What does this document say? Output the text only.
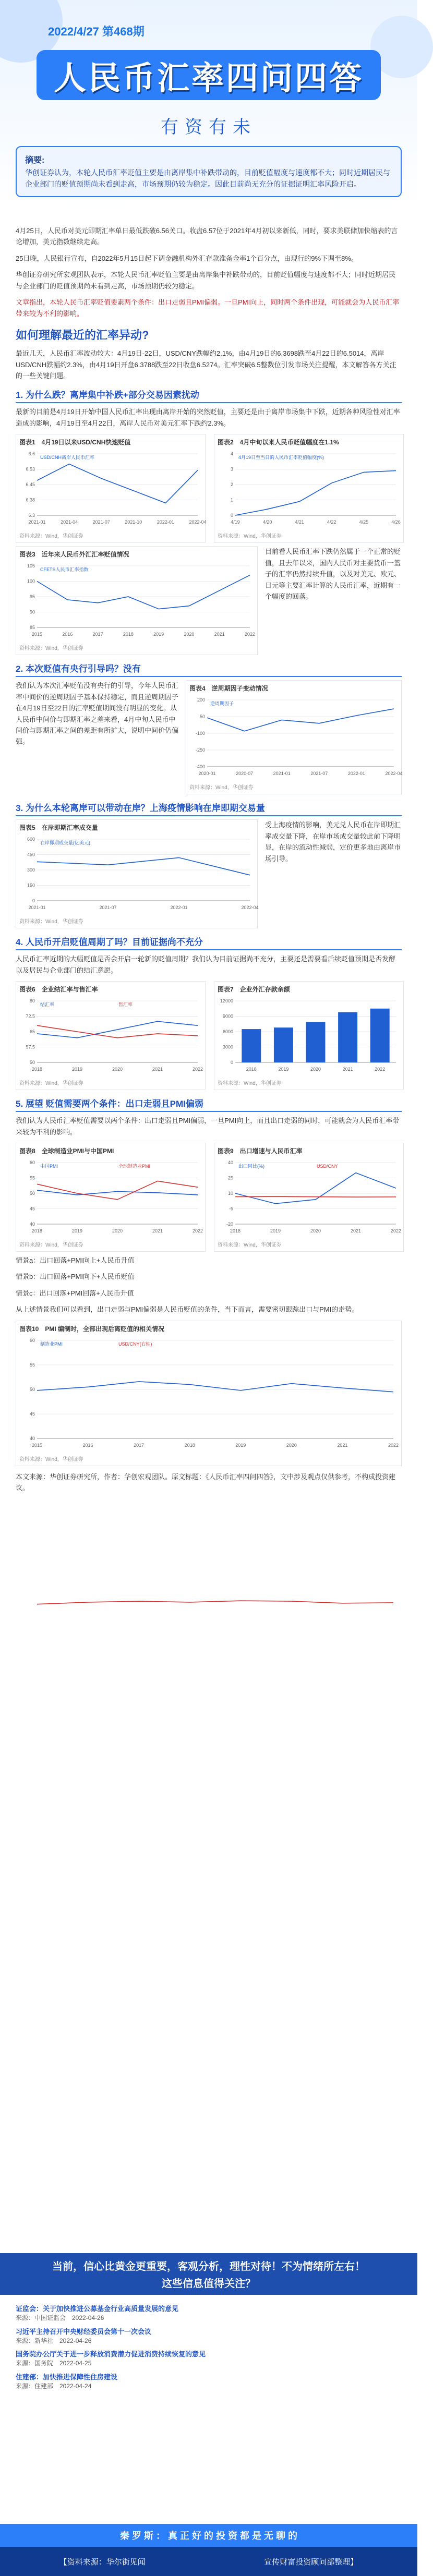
2022/4/27 第468期
人民币汇率四问四答
有资有未
摘要:
华创证券认为，本轮人民币汇率贬值主要是由离岸集中补跌带动的，目前贬值幅度与速度都不大；同时近期居民与企业部门的贬值预期尚未看到走高，市场预期仍较为稳定。因此目前尚无充分的证据证明汇率风险开启。

4月25日，人民币对美元即期汇率单日最低跌破6.56关口。收盘6.57位于2021年4月初以来新低，同时，要求美联储加快缩表的言论增加，美元指数继续走高。

25日晚，人民银行宣布，自2022年5月15日起下调金融机构外汇存款准备金率1个百分点，由现行的9%下调至8%。

华创证券研究所宏观团队表示，本轮人民币汇率贬值主要是由离岸集中补跌带动的，目前贬值幅度与速度都不大；同时近期居民与企业部门的贬值预期尚未看到走高，市场预期仍较为稳定。

文章指出，本轮人民币汇率贬值要素两个条件：出口走弱且PMI偏弱。一旦PMI向上，同时两个条件出现，可能就会为人民币汇率带来较为不利的影响。

如何理解最近的汇率异动?

最近几天，人民币汇率波动较大：4月19日-22日，USD/CNY跌幅约2.1%，由4月19日的6.3698跌至4月22日的6.5014，离岸USD/CNH跌幅约2.3%，由4月19日开盘6.3788跌至22日收盘6.5274。汇率突破6.5整数位引发市场关注提醒，本文解答各方关注的一些关键问题。

1. 为什么跌？离岸集中补跌+部分交易因素扰动

最新的目前是4月19日开始中国人民币汇率出现由离岸开始的突然贬值，主要还是由于离岸市场集中下跌，近期各种风险性对汇率造成的影响，4月19日至4月22日，离岸人民币对美元汇率下跌约2.3%。

图表1　4月19日以来USD/CNH快速贬值
6.3
6.38
6.45
6.53
6.6
USD/CNH离岸人民币汇率
2021-01	2021-04	2021-07	2021-10	2022-01	2022-04
资料来源：Wind，华创证券
图表2　4月中旬以来人民币贬值幅度在1.1%
0
1
2
3
4
4月19日至当日的人民币汇率贬值幅度(%)
4/19	4/20	4/21	4/22	4/25	4/26
资料来源：Wind，华创证券
图表3　近年来人民币外汇汇率贬值情况
85
90
95
100
105
CFETS人民币汇率指数
2015	2016	2017	2018	2019	2020	2021	2022
资料来源：Wind，华创证券
目前看人民币汇率下跌仍然属于一个正常的贬值，且去年以来，国内人民币对主要货币一篮子的汇率仍然持续升值，以及对美元、欧元、日元等主要汇率计算的人民币汇率，近期有一个幅度的回落。
2. 本次贬值有央行引导吗？没有
我们认为本次汇率贬值没有央行的引导，今年人民币汇率中间价的逆周期因子基本保持稳定，而且逆周期因子在4月19日至22日的汇率贬值期间没有明显的变化。从人民币中间价与即期汇率之差来看，4月中旬人民币中间价与即期汇率之间的差距有所扩大，说明中间价仍偏强。
图表4　逆周期因子变动情况
-400
-250
-100
50
200
逆周期因子
2020-01	2020-07	2021-01	2021-07	2022-01	2022-04
资料来源：Wind，华创证券
3. 为什么本轮离岸可以带动在岸？上海疫情影响在岸即期交易量
图表5　在岸即期汇率成交量
0
150
300
450
600
在岸即期成交量(亿美元)
2021-01	2021-07	2022-01	2022-04
资料来源：Wind，华创证券
受上海疫情的影响，美元兑人民币在岸即期汇率成交量下降，在岸市场成交量较此前下降明显，在岸的流动性减弱，定价更多地由离岸市场引导。
4. 人民币开启贬值周期了吗？目前证据尚不充分

人民币汇率近期的大幅贬值是否会开启一轮新的贬值周期？我们认为目前证据尚不充分，主要还是需要看后续贬值预期是否发酵以及居民与企业部门的结汇意愿。

图表6　企业结汇率与售汇率
50
57.5
65
72.5
80
结汇率	售汇率
2018	2019	2020	2021	2022
资料来源：Wind，华创证券
图表7　企业外汇存款余额
0
3000
6000
9000
12000
2018	2019	2020	2021	2022
资料来源：Wind，华创证券
5. 展望 贬值需要两个条件：出口走弱且PMI偏弱

我们认为人民币汇率贬值需要以两个条件：出口走弱且PMI偏弱，一旦PMI向上，而且出口走弱的同时，可能就会为人民币汇率带来较为不利的影响。

图表8　全球制造业PMI与中国PMI
40
45
50
55
60
中国PMI	全球制造业PMI
2018	2019	2020	2021	2022
资料来源：Wind，华创证券
图表9　出口增速与人民币汇率
-20
-5
10
25
40
出口同比(%)	USD/CNY
2018	2019	2020	2021	2022
资料来源：Wind，华创证券

情景a：出口回落+PMI向上+人民币升值

情景b：出口回落+PMI向下+人民币贬值

情景c：出口回落+PMI回落+人民币升值

从上述情景我们可以看到，出口走弱与PMI偏弱是人民币贬值的条件，当下而言，需要密切跟踪出口与PMI的走势。

图表10　PMI 编制时，全部出现后离贬值的相关情况
40
45
50
55
60
制造业PMI	USD/CNY(右轴)
2015	2016	2017	2018	2019	2020	2021	2022
资料来源：Wind，华创证券

本文来源：华创证券研究所，作者：华创宏观团队。原文标题：《人民币汇率四问四答》，文中涉及观点仅供参考，不构成投资建议。

当前，信心比黄金更重要，客观分析，理性对待！不为情绪所左右！
这些信息值得关注？
证监会：关于加快推进公募基金行业高质量发展的意见
来源：中国证监会　2022-04-26
习近平主持召开中央财经委员会第十一次会议
来源：新华社　2022-04-26
国务院办公厅关于进一步释放消费潜力促进消费持续恢复的意见
来源：国务院　2022-04-25
住建部：加快推进保障性住房建设
来源：住建部　2022-04-24
秦 罗 斯 ： 真 正 好 的 投 资 都 是 无 聊 的
【资料来源：华尔街见闻	宣传财富投资顾问部整理】
